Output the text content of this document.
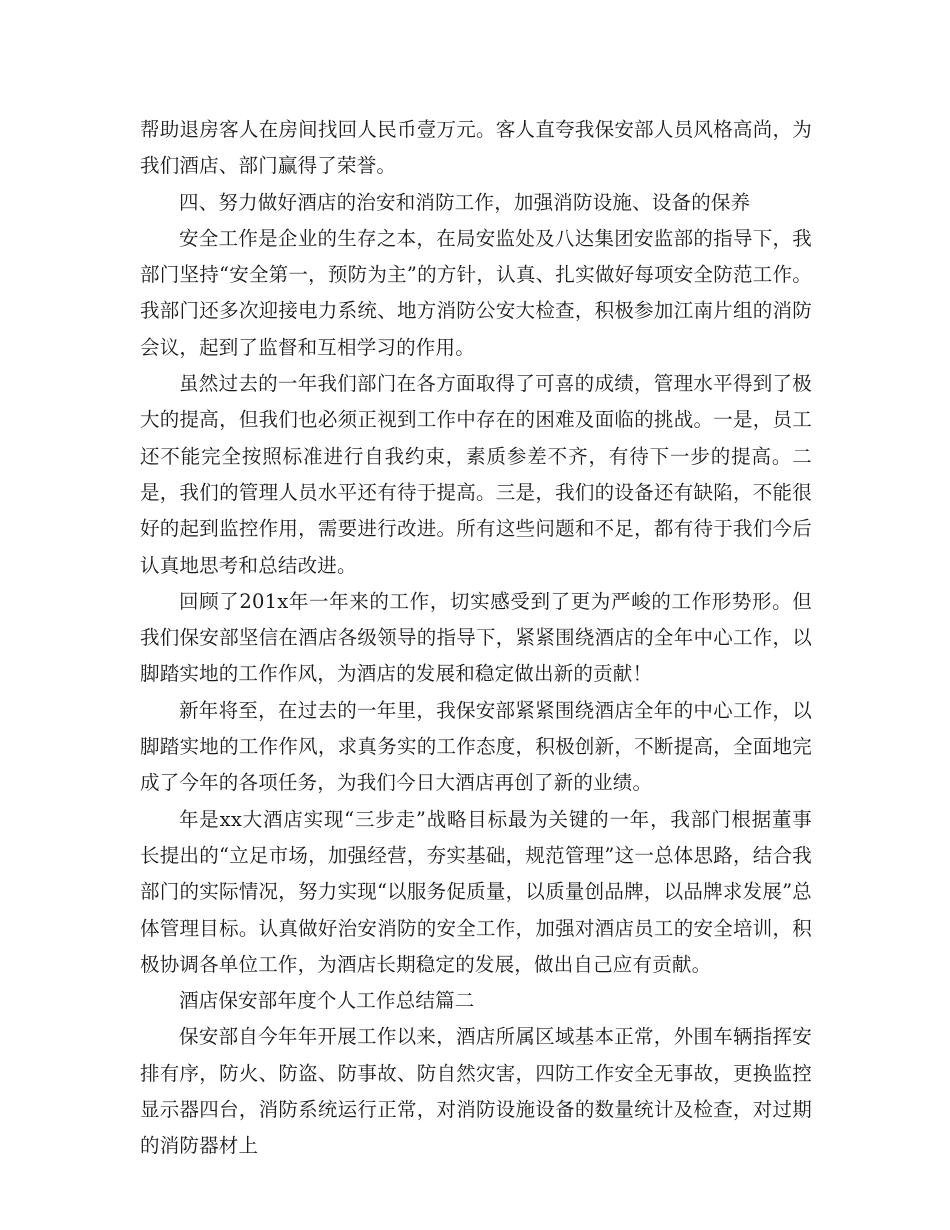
帮助退房客人在房间找回人民币壹万元。客人直夸我保安部人员风格高尚，为我们酒店、部门赢得了荣誉。

四、努力做好酒店的治安和消防工作，加强消防设施、设备的保养

安全工作是企业的生存之本，在局安监处及八达集团安监部的指导下，我部门坚持“安全第一，预防为主”的方针，认真、扎实做好每项安全防范工作。我部门还多次迎接电力系统、地方消防公安大检查，积极参加江南片组的消防会议，起到了监督和互相学习的作用。

虽然过去的一年我们部门在各方面取得了可喜的成绩，管理水平得到了极大的提高，但我们也必须正视到工作中存在的困难及面临的挑战。一是，员工还不能完全按照标准进行自我约束，素质参差不齐，有待下一步的提高。二是，我们的管理人员水平还有待于提高。三是，我们的设备还有缺陷，不能很好的起到监控作用，需要进行改进。所有这些问题和不足，都有待于我们今后认真地思考和总结改进。

回顾了201x年一年来的工作，切实感受到了更为严峻的工作形势形。但我们保安部坚信在酒店各级领导的指导下，紧紧围绕酒店的全年中心工作，以脚踏实地的工作作风，为酒店的发展和稳定做出新的贡献！

新年将至，在过去的一年里，我保安部紧紧围绕酒店全年的中心工作，以脚踏实地的工作作风，求真务实的工作态度，积极创新，不断提高，全面地完成了今年的各项任务，为我们今日大酒店再创了新的业绩。

年是xx大酒店实现“三步走”战略目标最为关键的一年，我部门根据董事长提出的“立足市场，加强经营，夯实基础，规范管理”这一总体思路，结合我部门的实际情况，努力实现“以服务促质量，以质量创品牌，以品牌求发展”总体管理目标。认真做好治安消防的安全工作，加强对酒店员工的安全培训，积极协调各单位工作，为酒店长期稳定的发展，做出自己应有贡献。

酒店保安部年度个人工作总结篇二

保安部自今年年开展工作以来，酒店所属区域基本正常，外围车辆指挥安排有序，防火、防盗、防事故、防自然灾害，四防工作安全无事故，更换监控显示器四台，消防系统运行正常，对消防设施设备的数量统计及检查，对过期的消防器材上
